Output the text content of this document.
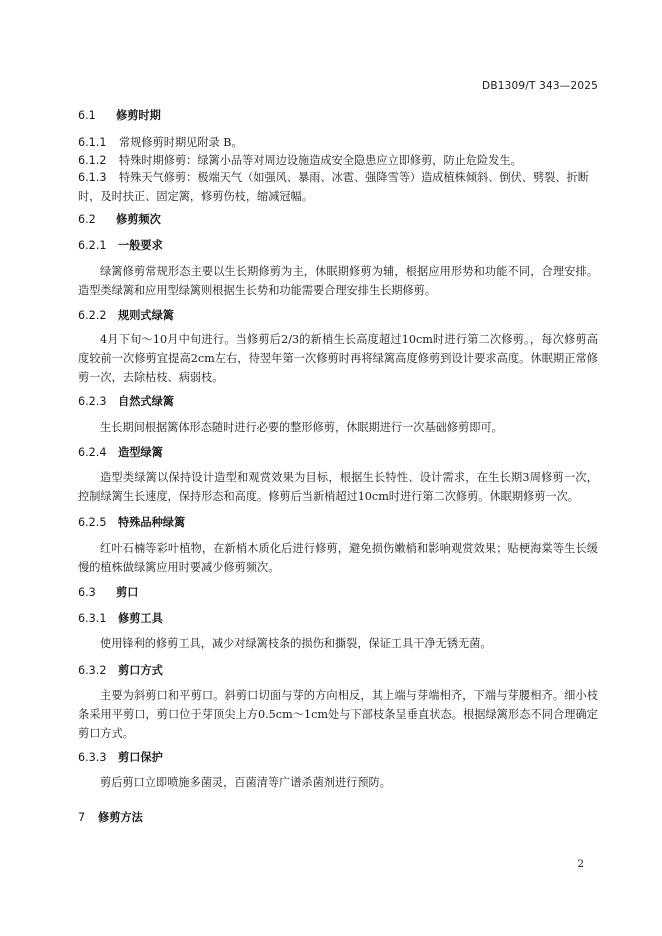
DB1309/T 343—2025
6.1 修剪时期
6.1.1 常规修剪时期见附录 B。
6.1.2 特殊时期修剪：绿篱小品等对周边设施造成安全隐患应立即修剪，防止危险发生。
6.1.3 特殊天气修剪：极端天气（如强风、暴雨、冰雹、强降雪等）造成植株倾斜、倒伏、劈裂、折断
时，及时扶正、固定篱，修剪伤枝，缩减冠幅。
6.2 修剪频次
6.2.1 一般要求
绿篱修剪常规形态主要以生长期修剪为主，休眠期修剪为辅，根据应用形势和功能不同，合理安排。造型类绿篱和应用型绿篱则根据生长势和功能需要合理安排生长期修剪。
6.2.2 规则式绿篱
4月下旬～10月中旬进行。当修剪后2/3的新梢生长高度超过10cm时进行第二次修剪。，每次修剪高度较前一次修剪宜提高2cm左右，待翌年第一次修剪时再将绿篱高度修剪到设计要求高度。休眠期正常修剪一次，去除枯枝、病弱枝。
6.2.3 自然式绿篱
生长期间根据篱体形态随时进行必要的整形修剪，休眠期进行一次基础修剪即可。
6.2.4 造型绿篱
造型类绿篱以保持设计造型和观赏效果为目标，根据生长特性、设计需求，在生长期3周修剪一次，控制绿篱生长速度，保持形态和高度。修剪后当新梢超过10cm时进行第二次修剪。休眠期修剪一次。
6.2.5 特殊品种绿篱
红叶石楠等彩叶植物，在新梢木质化后进行修剪，避免损伤嫩梢和影响观赏效果；贴梗海棠等生长缓慢的植株做绿篱应用时要减少修剪频次。
6.3 剪口
6.3.1 修剪工具
使用锋利的修剪工具，减少对绿篱枝条的损伤和撕裂，保证工具干净无锈无菌。
6.3.2 剪口方式
主要为斜剪口和平剪口。斜剪口切面与芽的方向相反，其上端与芽端相齐，下端与芽腰相齐。细小枝条采用平剪口，剪口位于芽顶尖上方0.5cm～1cm处与下部枝条呈垂直状态。根据绿篱形态不同合理确定剪口方式。
6.3.3 剪口保护
剪后剪口立即喷施多菌灵，百菌清等广谱杀菌剂进行预防。
7 修剪方法
2
